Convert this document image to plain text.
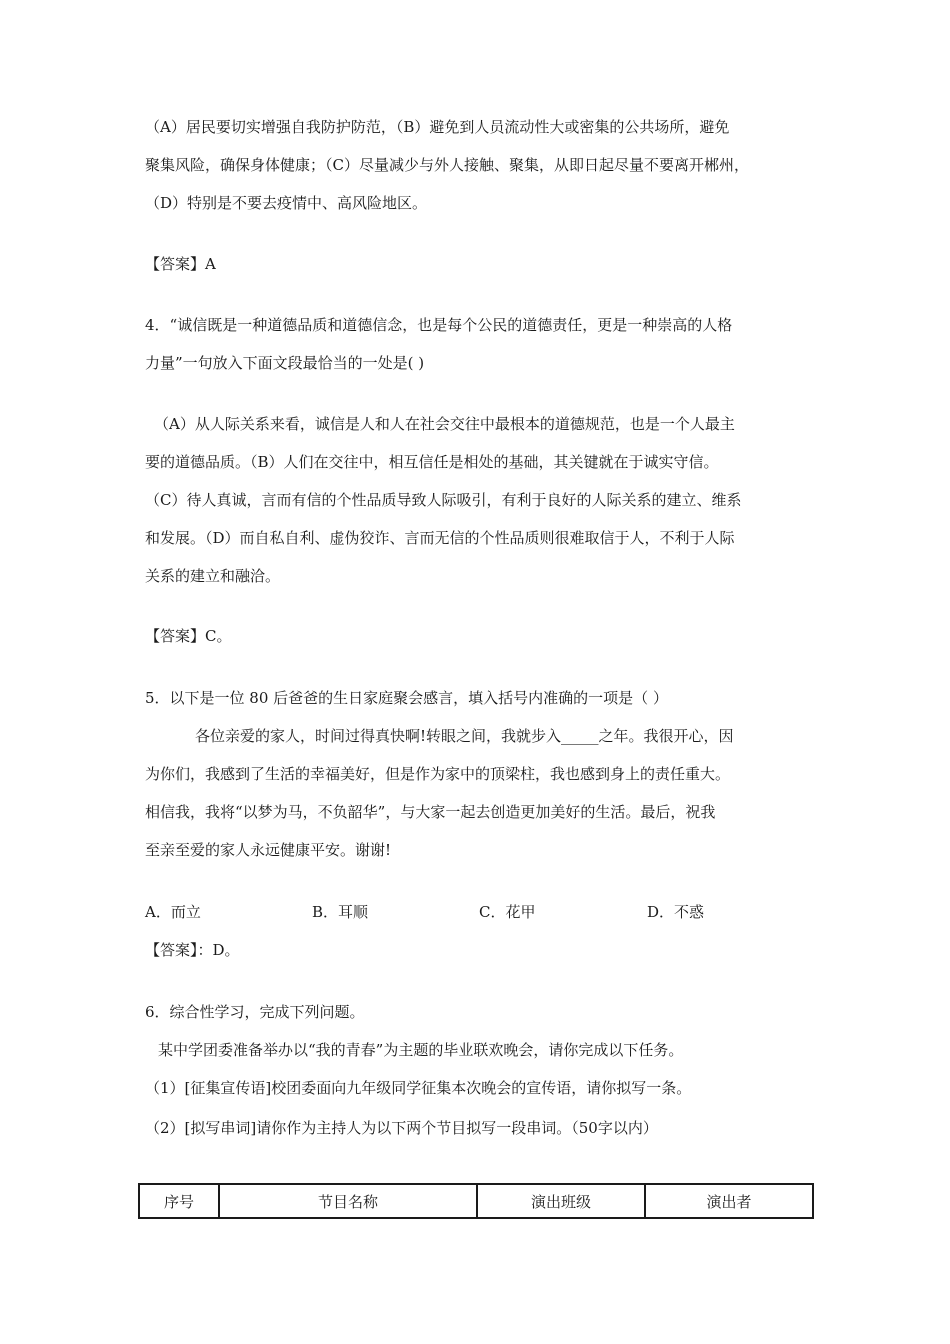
（A）居民要切实增强自我防护防范，（B）避免到人员流动性大或密集的公共场所，避免
聚集风险，确保身体健康；（C）尽量减少与外人接触、聚集，从即日起尽量不要离开郴州，
（D）特别是不要去疫情中、高风险地区。
【答案】A
4．“诚信既是一种道德品质和道德信念，也是每个公民的道德责任，更是一种崇高的人格
力量”一句放入下面文段最恰当的一处是( )
（A）从人际关系来看，诚信是人和人在社会交往中最根本的道德规范，也是一个人最主
要的道德品质。（B）人们在交往中，相互信任是相处的基础，其关键就在于诚实守信。
（C）待人真诚，言而有信的个性品质导致人际吸引，有利于良好的人际关系的建立、维系
和发展。（D）而自私自利、虚伪狡诈、言而无信的个性品质则很难取信于人，不利于人际
关系的建立和融洽。
【答案】C。
5．以下是一位 80 后爸爸的生日家庭聚会感言，填入括号内准确的一项是（ ）
各位亲爱的家人，时间过得真快啊!转眼之间，我就步入_____之年。我很开心，因
为你们，我感到了生活的幸福美好，但是作为家中的顶梁柱，我也感到身上的责任重大。
相信我，我将“以梦为马，不负韶华”，与大家一起去创造更加美好的生活。最后，祝我
至亲至爱的家人永远健康平安。谢谢!
A．而立	B．耳顺	C．花甲	D．不惑
【答案】：D。
6．综合性学习，完成下列问题。
某中学团委准备举办以“我的青春”为主题的毕业联欢晚会，请你完成以下任务。
（1）[征集宣传语]校团委面向九年级同学征集本次晚会的宣传语，请你拟写一条。
（2）[拟写串词]请你作为主持人为以下两个节目拟写一段串词。（50字以内）
序号	节目名称	演出班级	演出者
